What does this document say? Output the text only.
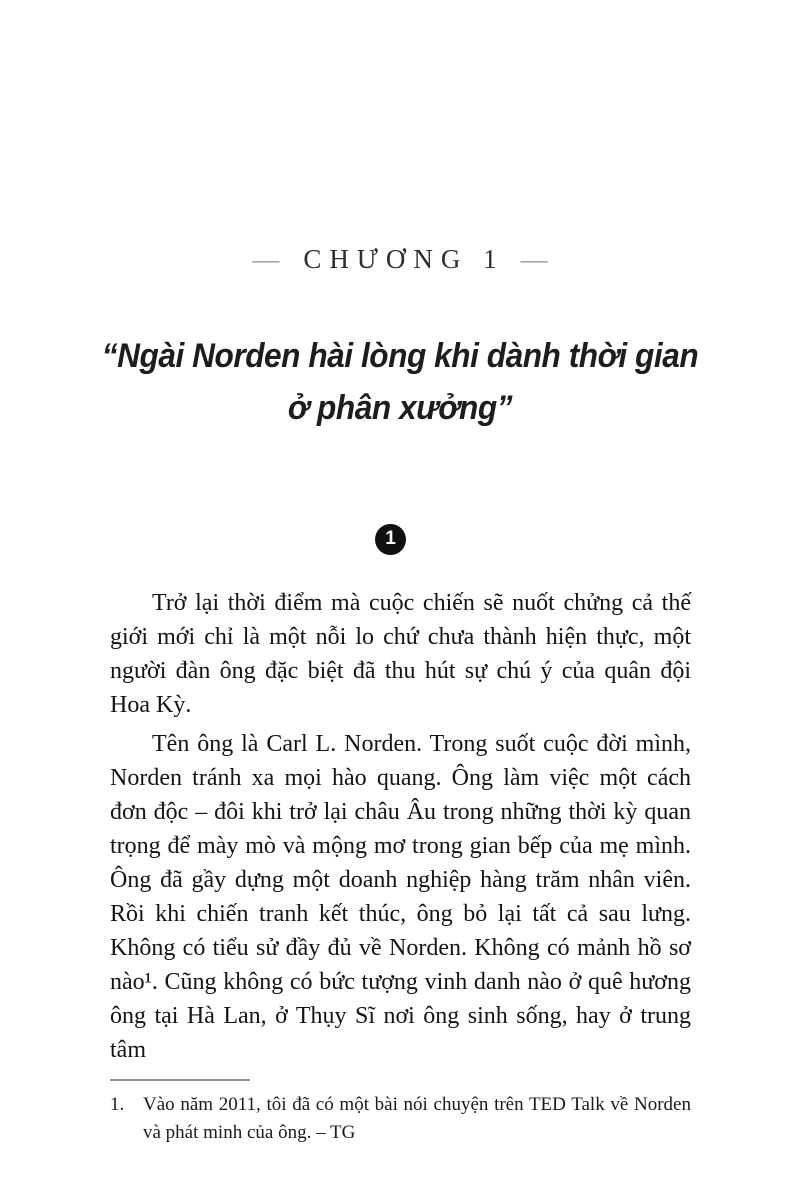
— CHƯƠNG 1 —
“Ngài Norden hài lòng khi dành thời gian
ở phân xưởng”
1

Trở lại thời điểm mà cuộc chiến sẽ nuốt chửng cả thế giới mới chỉ là một nỗi lo chứ chưa thành hiện thực, một người đàn ông đặc biệt đã thu hút sự chú ý của quân đội Hoa Kỳ.

Tên ông là Carl L. Norden. Trong suốt cuộc đời mình, Norden tránh xa mọi hào quang. Ông làm việc một cách đơn độc – đôi khi trở lại châu Âu trong những thời kỳ quan trọng để mày mò và mộng mơ trong gian bếp của mẹ mình. Ông đã gầy dựng một doanh nghiệp hàng trăm nhân viên. Rồi khi chiến tranh kết thúc, ông bỏ lại tất cả sau lưng. Không có tiểu sử đầy đủ về Norden. Không có mảnh hồ sơ nào¹. Cũng không có bức tượng vinh danh nào ở quê hương ông tại Hà Lan, ở Thụy Sĩ nơi ông sinh sống, hay ở trung tâm

1. Vào năm 2011, tôi đã có một bài nói chuyện trên TED Talk về Norden và phát minh của ông. – TG
